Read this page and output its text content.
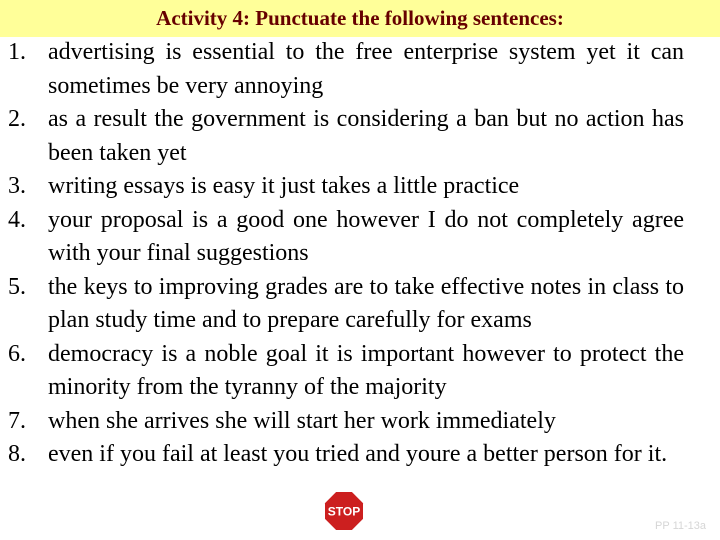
Activity 4: Punctuate the following sentences:
1. advertising is essential to the free enterprise system yet it can sometimes be very annoying
2. as a result the government is considering a ban but no action has been taken yet
3. writing essays is easy it just takes a little practice
4. your proposal is a good one however I do not completely agree with your final suggestions
5. the keys to improving grades are to take effective notes in class to plan study time and to prepare carefully for exams
6. democracy is a noble goal it is important however to protect the minority from the tyranny of the majority
7. when she arrives she will start her work immediately
8. even if you fail at least you tried and youre a better person for it.
STOP
PP 11-13a
